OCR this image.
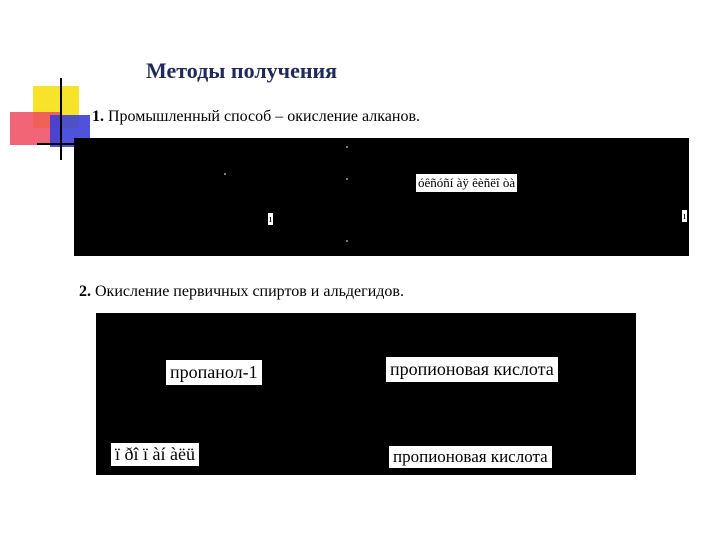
Методы получения
1. Промышленный способ – окисление алканов.
óêñóñí àÿ êèñëî òà
ı	ı
2. Окисление первичных спиртов и альдегидов.
пропанол-1	пропионовая кислота
ï ðî ï àí àëü	пропионовая кислота
